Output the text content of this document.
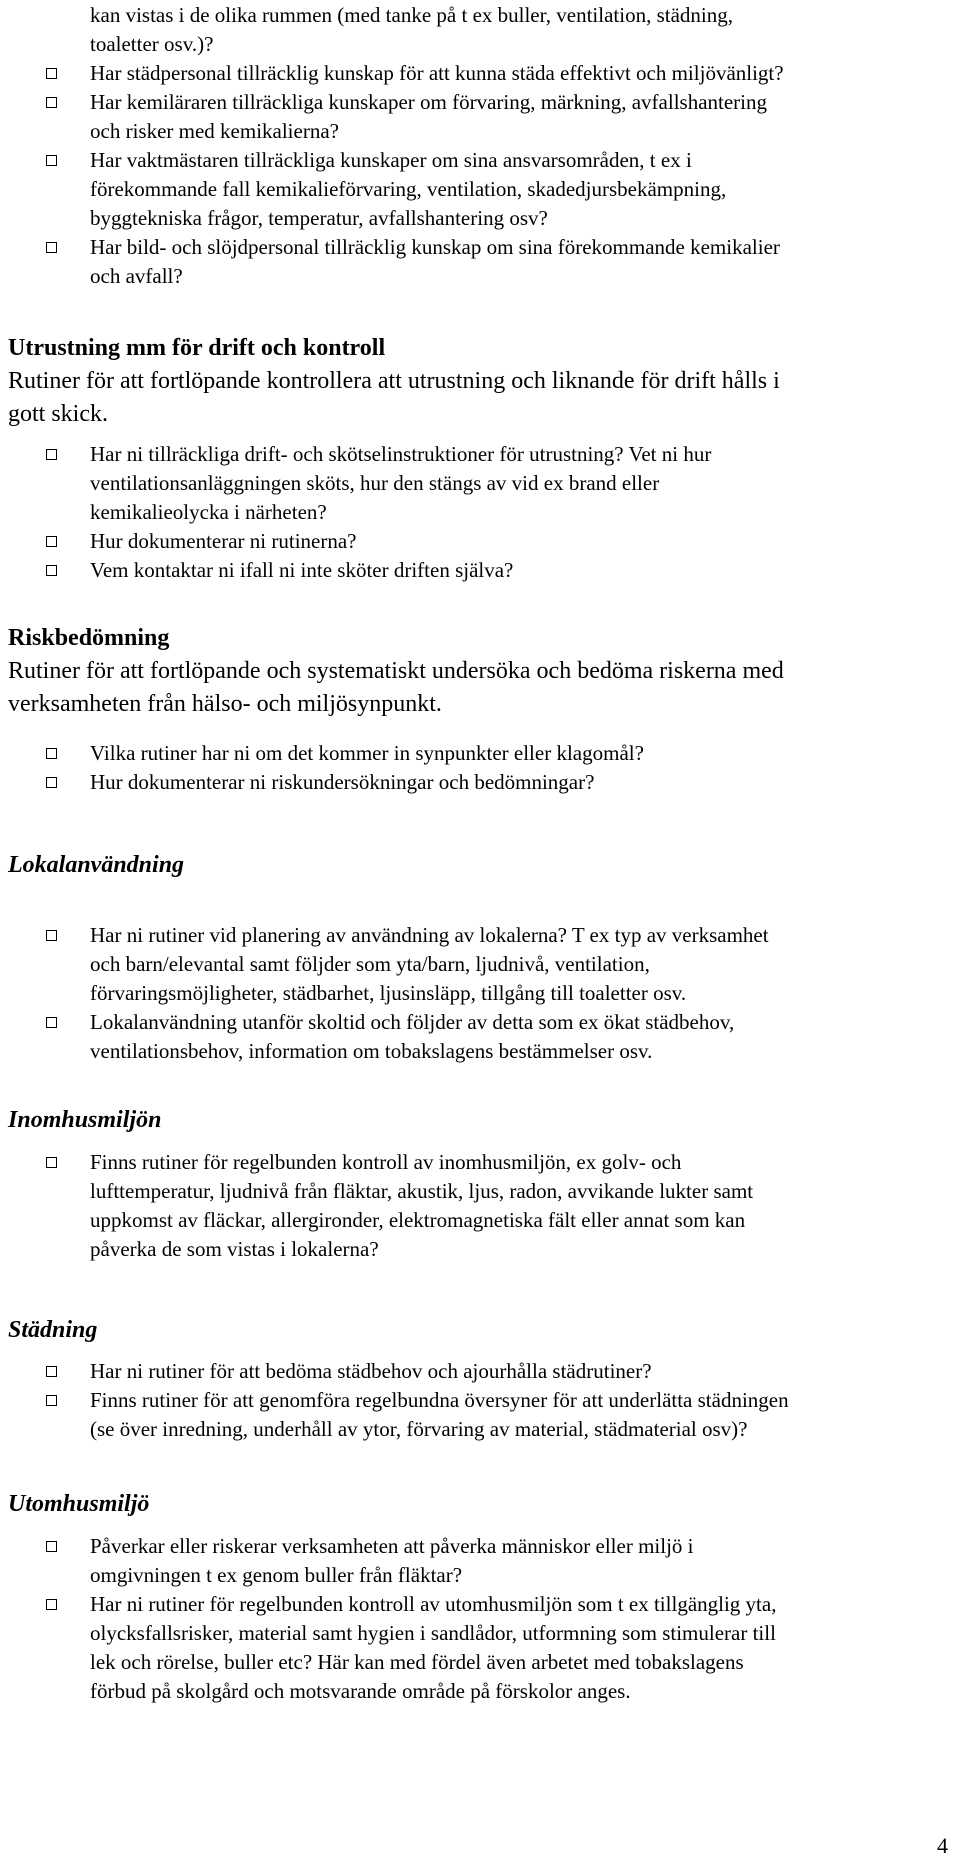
kan vistas i de olika rummen (med tanke på t ex buller, ventilation, städning,

toaletter osv.)?

Har städpersonal tillräcklig kunskap för att kunna städa effektivt och miljövänligt?
Har kemiläraren tillräckliga kunskaper om förvaring, märkning, avfallshantering
och risker med kemikalierna?
Har vaktmästaren tillräckliga kunskaper om sina ansvarsområden, t ex i
förekommande fall kemikalieförvaring, ventilation, skadedjursbekämpning,
byggtekniska frågor, temperatur, avfallshantering osv?
Har bild- och slöjdpersonal tillräcklig kunskap om sina förekommande kemikalier
och avfall?
Utrustning mm för drift och kontroll

Rutiner för att fortlöpande kontrollera att utrustning och liknande för drift hålls i

gott skick.

Har ni tillräckliga drift- och skötselinstruktioner för utrustning? Vet ni hur
ventilationsanläggningen sköts, hur den stängs av vid ex brand eller
kemikalieolycka i närheten?
Hur dokumenterar ni rutinerna?
Vem kontaktar ni ifall ni inte sköter driften själva?
Riskbedömning

Rutiner för att fortlöpande och systematiskt undersöka och bedöma riskerna med

verksamheten från hälso- och miljösynpunkt.

Vilka rutiner har ni om det kommer in synpunkter eller klagomål?
Hur dokumenterar ni riskundersökningar och bedömningar?
Lokalanvändning
Har ni rutiner vid planering av användning av lokalerna? T ex typ av verksamhet
och barn/elevantal samt följder som yta/barn, ljudnivå, ventilation,
förvaringsmöjligheter, städbarhet, ljusinsläpp, tillgång till toaletter osv.
Lokalanvändning utanför skoltid och följder av detta som ex ökat städbehov,
ventilationsbehov, information om tobakslagens bestämmelser osv.
Inomhusmiljön
Finns rutiner för regelbunden kontroll av inomhusmiljön, ex golv- och
lufttemperatur, ljudnivå från fläktar, akustik, ljus, radon, avvikande lukter samt
uppkomst av fläckar, allergironder, elektromagnetiska fält eller annat som kan
påverka de som vistas i lokalerna?
Städning
Har ni rutiner för att bedöma städbehov och ajourhålla städrutiner?
Finns rutiner för att genomföra regelbundna översyner för att underlätta städningen
(se över inredning, underhåll av ytor, förvaring av material, städmaterial osv)?
Utomhusmiljö
Påverkar eller riskerar verksamheten att påverka människor eller miljö i
omgivningen t ex genom buller från fläktar?
Har ni rutiner för regelbunden kontroll av utomhusmiljön som t ex tillgänglig yta,
olycksfallsrisker, material samt hygien i sandlådor, utformning som stimulerar till
lek och rörelse, buller etc? Här kan med fördel även arbetet med tobakslagens
förbud på skolgård och motsvarande område på förskolor anges.
4
